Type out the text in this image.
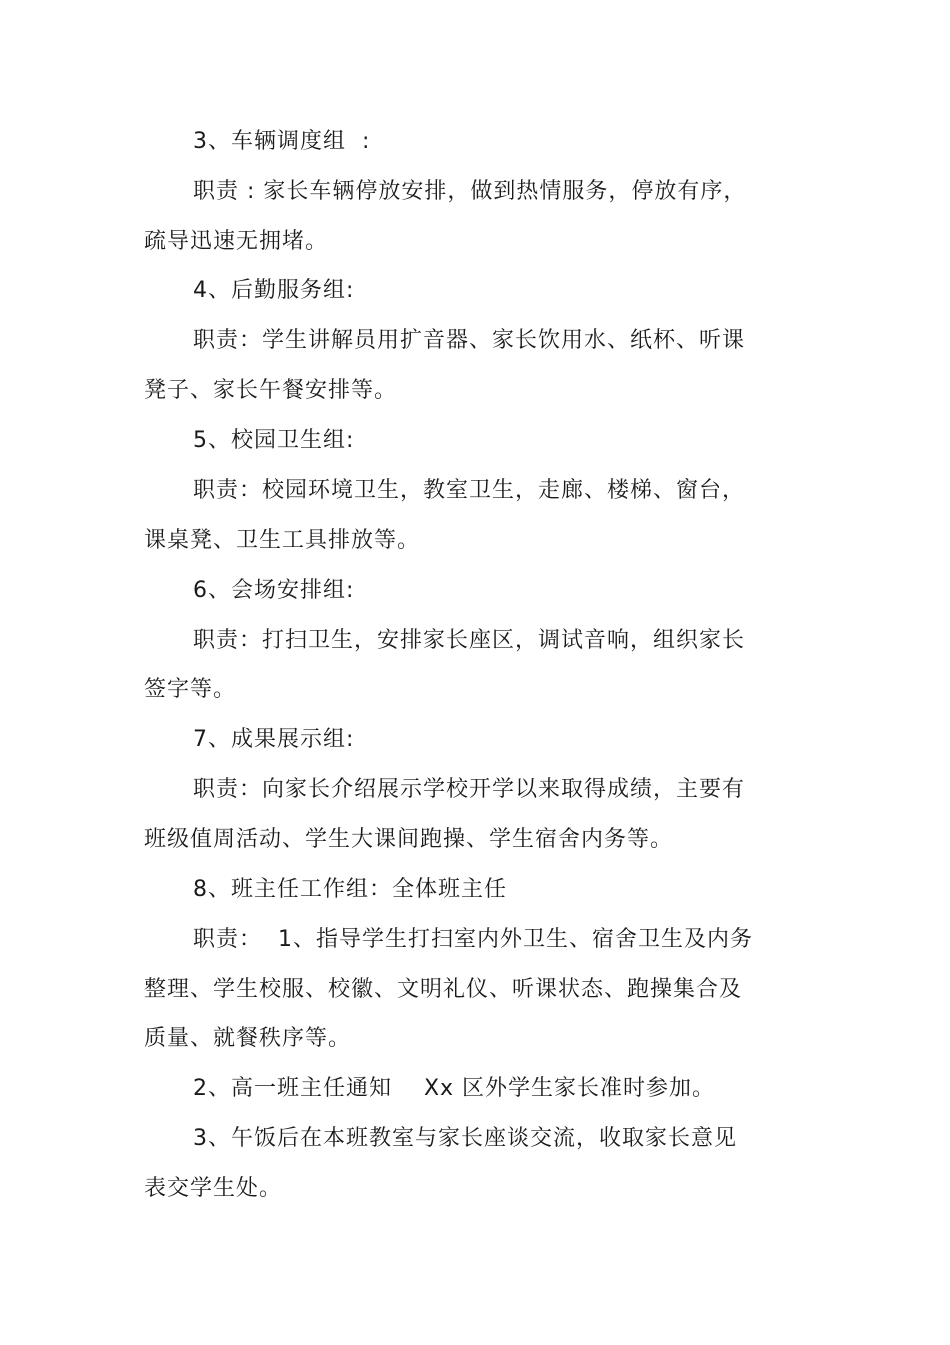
3、车辆调度组  :
职责 : 家长车辆停放安排，做到热情服务，停放有序，
疏导迅速无拥堵。
4、后勤服务组:
职责：学生讲解员用扩音器、家长饮用水、纸杯、听课
凳子、家长午餐安排等。
5、校园卫生组:
职责：校园环境卫生，教室卫生，走廊、楼梯、窗台，
课桌凳、卫生工具排放等。
6、会场安排组:
职责：打扫卫生，安排家长座区，调试音响，组织家长
签字等。
7、成果展示组:
职责：向家长介绍展示学校开学以来取得成绩，主要有
班级值周活动、学生大课间跑操、学生宿舍内务等。
8、班主任工作组：全体班主任
职责：  1、指导学生打扫室内外卫生、宿舍卫生及内务
整理、学生校服、校徽、文明礼仪、听课状态、跑操集合及
质量、就餐秩序等。
2、高一班主任通知    Xx 区外学生家长准时参加。
3、午饭后在本班教室与家长座谈交流，收取家长意见
表交学生处。
